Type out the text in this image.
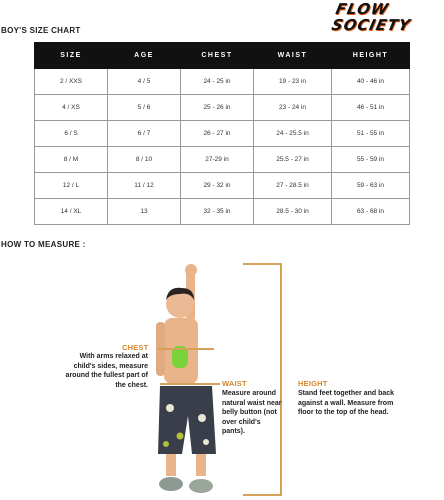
FLOW
SOCIETY
BOY'S SIZE CHART
SIZE	AGE	CHEST	WAIST	HEIGHT
2 / XXS	4 / 5	24 - 25 in	19 - 23 in	40 - 46 in
4 / XS	5 / 6	25 - 26 in	23 - 24 in	46 - 51 in
6 / S	6 / 7	26 - 27 in	24 - 25.5 in	51 - 55 in
8 / M	8 / 10	27-29 in	25.5 - 27 in	55 - 59 in
12 / L	11 / 12	29 - 32 in	27 - 28.5 in	59 - 63 in
14 / XL	13	32 - 35 in	28.5 - 30 in	63 - 68 in
HOW TO MEASURE :
CHEST
With arms relaxed at child's sides, measure around the fullest part of the chest.	WAIST
Measure around natural waist near belly button (not over child's pants).
HEIGHT
Stand feet together and back against a wall. Measure from floor to the top of the head.
